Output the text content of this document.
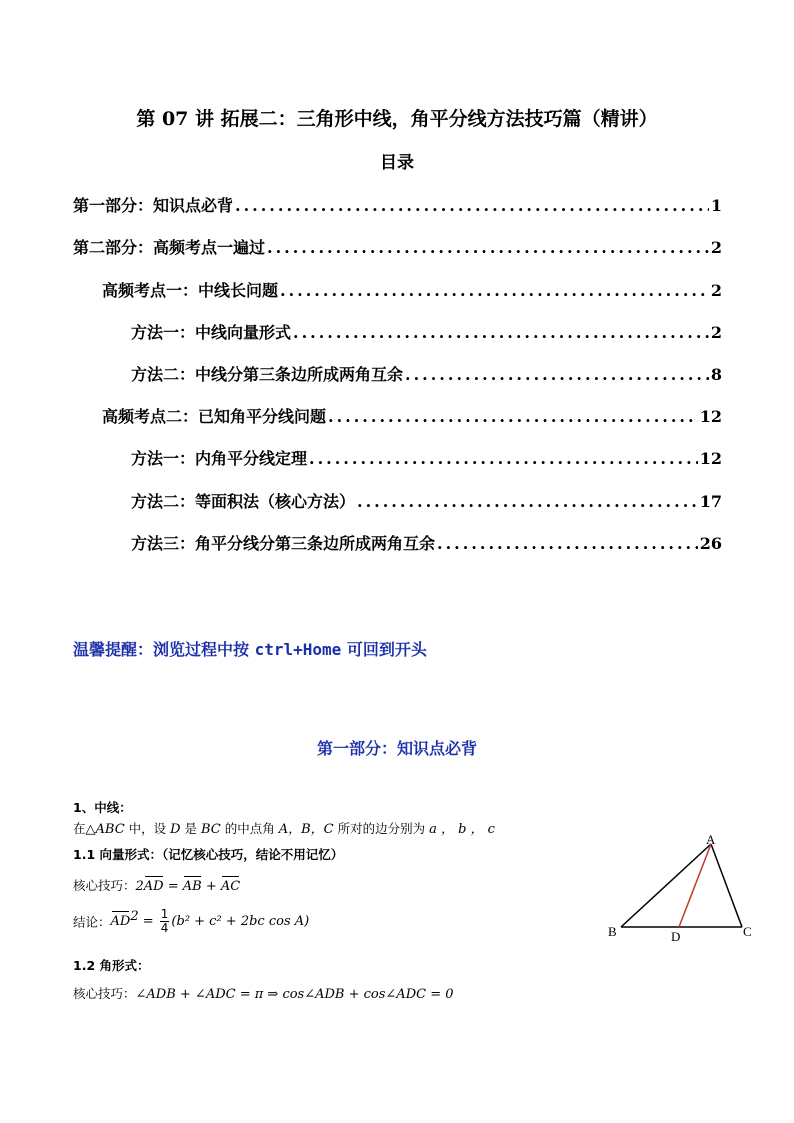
第 07 讲 拓展二：三角形中线，角平分线方法技巧篇（精讲）
目录
第一部分：知识点必背 .....	1
第二部分：高频考点一遍过 .....	2
高频考点一：中线长问题 .....	2
方法一：中线向量形式 .....	2
方法二：中线分第三条边所成两角互余 .....	8
高频考点二：已知角平分线问题 .....	12
方法一：内角平分线定理 .....	12
方法二：等面积法（核心方法） .....	17
方法三：角平分线分第三条边所成两角互余 .....	26
温馨提醒：浏览过程中按 ctrl+Home 可回到开头
第一部分：知识点必背
1、中线：
在△ABC 中，设 D 是 BC 的中点角 A，B，C 所对的边分别为 a ， b ， c
1.1 向量形式：（记忆核心技巧，结论不用记忆）
核心技巧：2AD = AB + AC
结论：$AD^2 = \frac{1}{4} (b^2 + c^2 + 2bc$ cos A)
1.2 角形式：
核心技巧：∠ADB + ∠ADC = π ⇒ cos∠ADB + cos∠ADC = 0
A
B	C
D
